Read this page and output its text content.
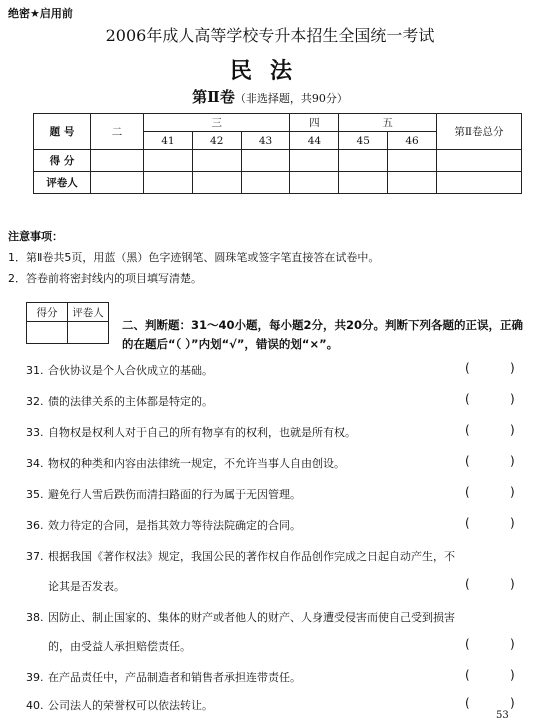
绝密★启用前
2006年成人高等学校专升本招生全国统一考试
民法
第Ⅱ卷（非选择题，共90分）
题 号	二	三			四	五		第Ⅱ卷总分
		41	42	43	44	45	46	
得 分								
评卷人								
注意事项：
1．第Ⅱ卷共5页，用蓝（黑）色字迹钢笔、圆珠笔或签字笔直接答在试卷中。
2．答卷前将密封线内的项目填写清楚。
得分	评卷人

二、判断题：31～40小题，每小题2分，共20分。判断下列各题的正误，正确的在题后“（ ）”内划“√”，错误的划“×”。
31. 合伙协议是个人合伙成立的基础。	(	)
32. 债的法律关系的主体都是特定的。	(	)
33. 自物权是权利人对于自己的所有物享有的权利，也就是所有权。	(	)
34. 物权的种类和内容由法律统一规定，不允许当事人自由创设。	(	)
35. 避免行人雪后跌伤而清扫路面的行为属于无因管理。	(	)
36. 效力待定的合同，是指其效力等待法院确定的合同。	(	)
37. 根据我国《著作权法》规定，我国公民的著作权自作品创作完成之日起自动产生，不
论其是否发表。	(	)
38. 因防止、制止国家的、集体的财产或者他人的财产、人身遭受侵害而使自己受到损害
的，由受益人承担赔偿责任。	(	)
39. 在产品责任中，产品制造者和销售者承担连带责任。	(	)
40. 公司法人的荣誉权可以依法转让。	(	)
53
